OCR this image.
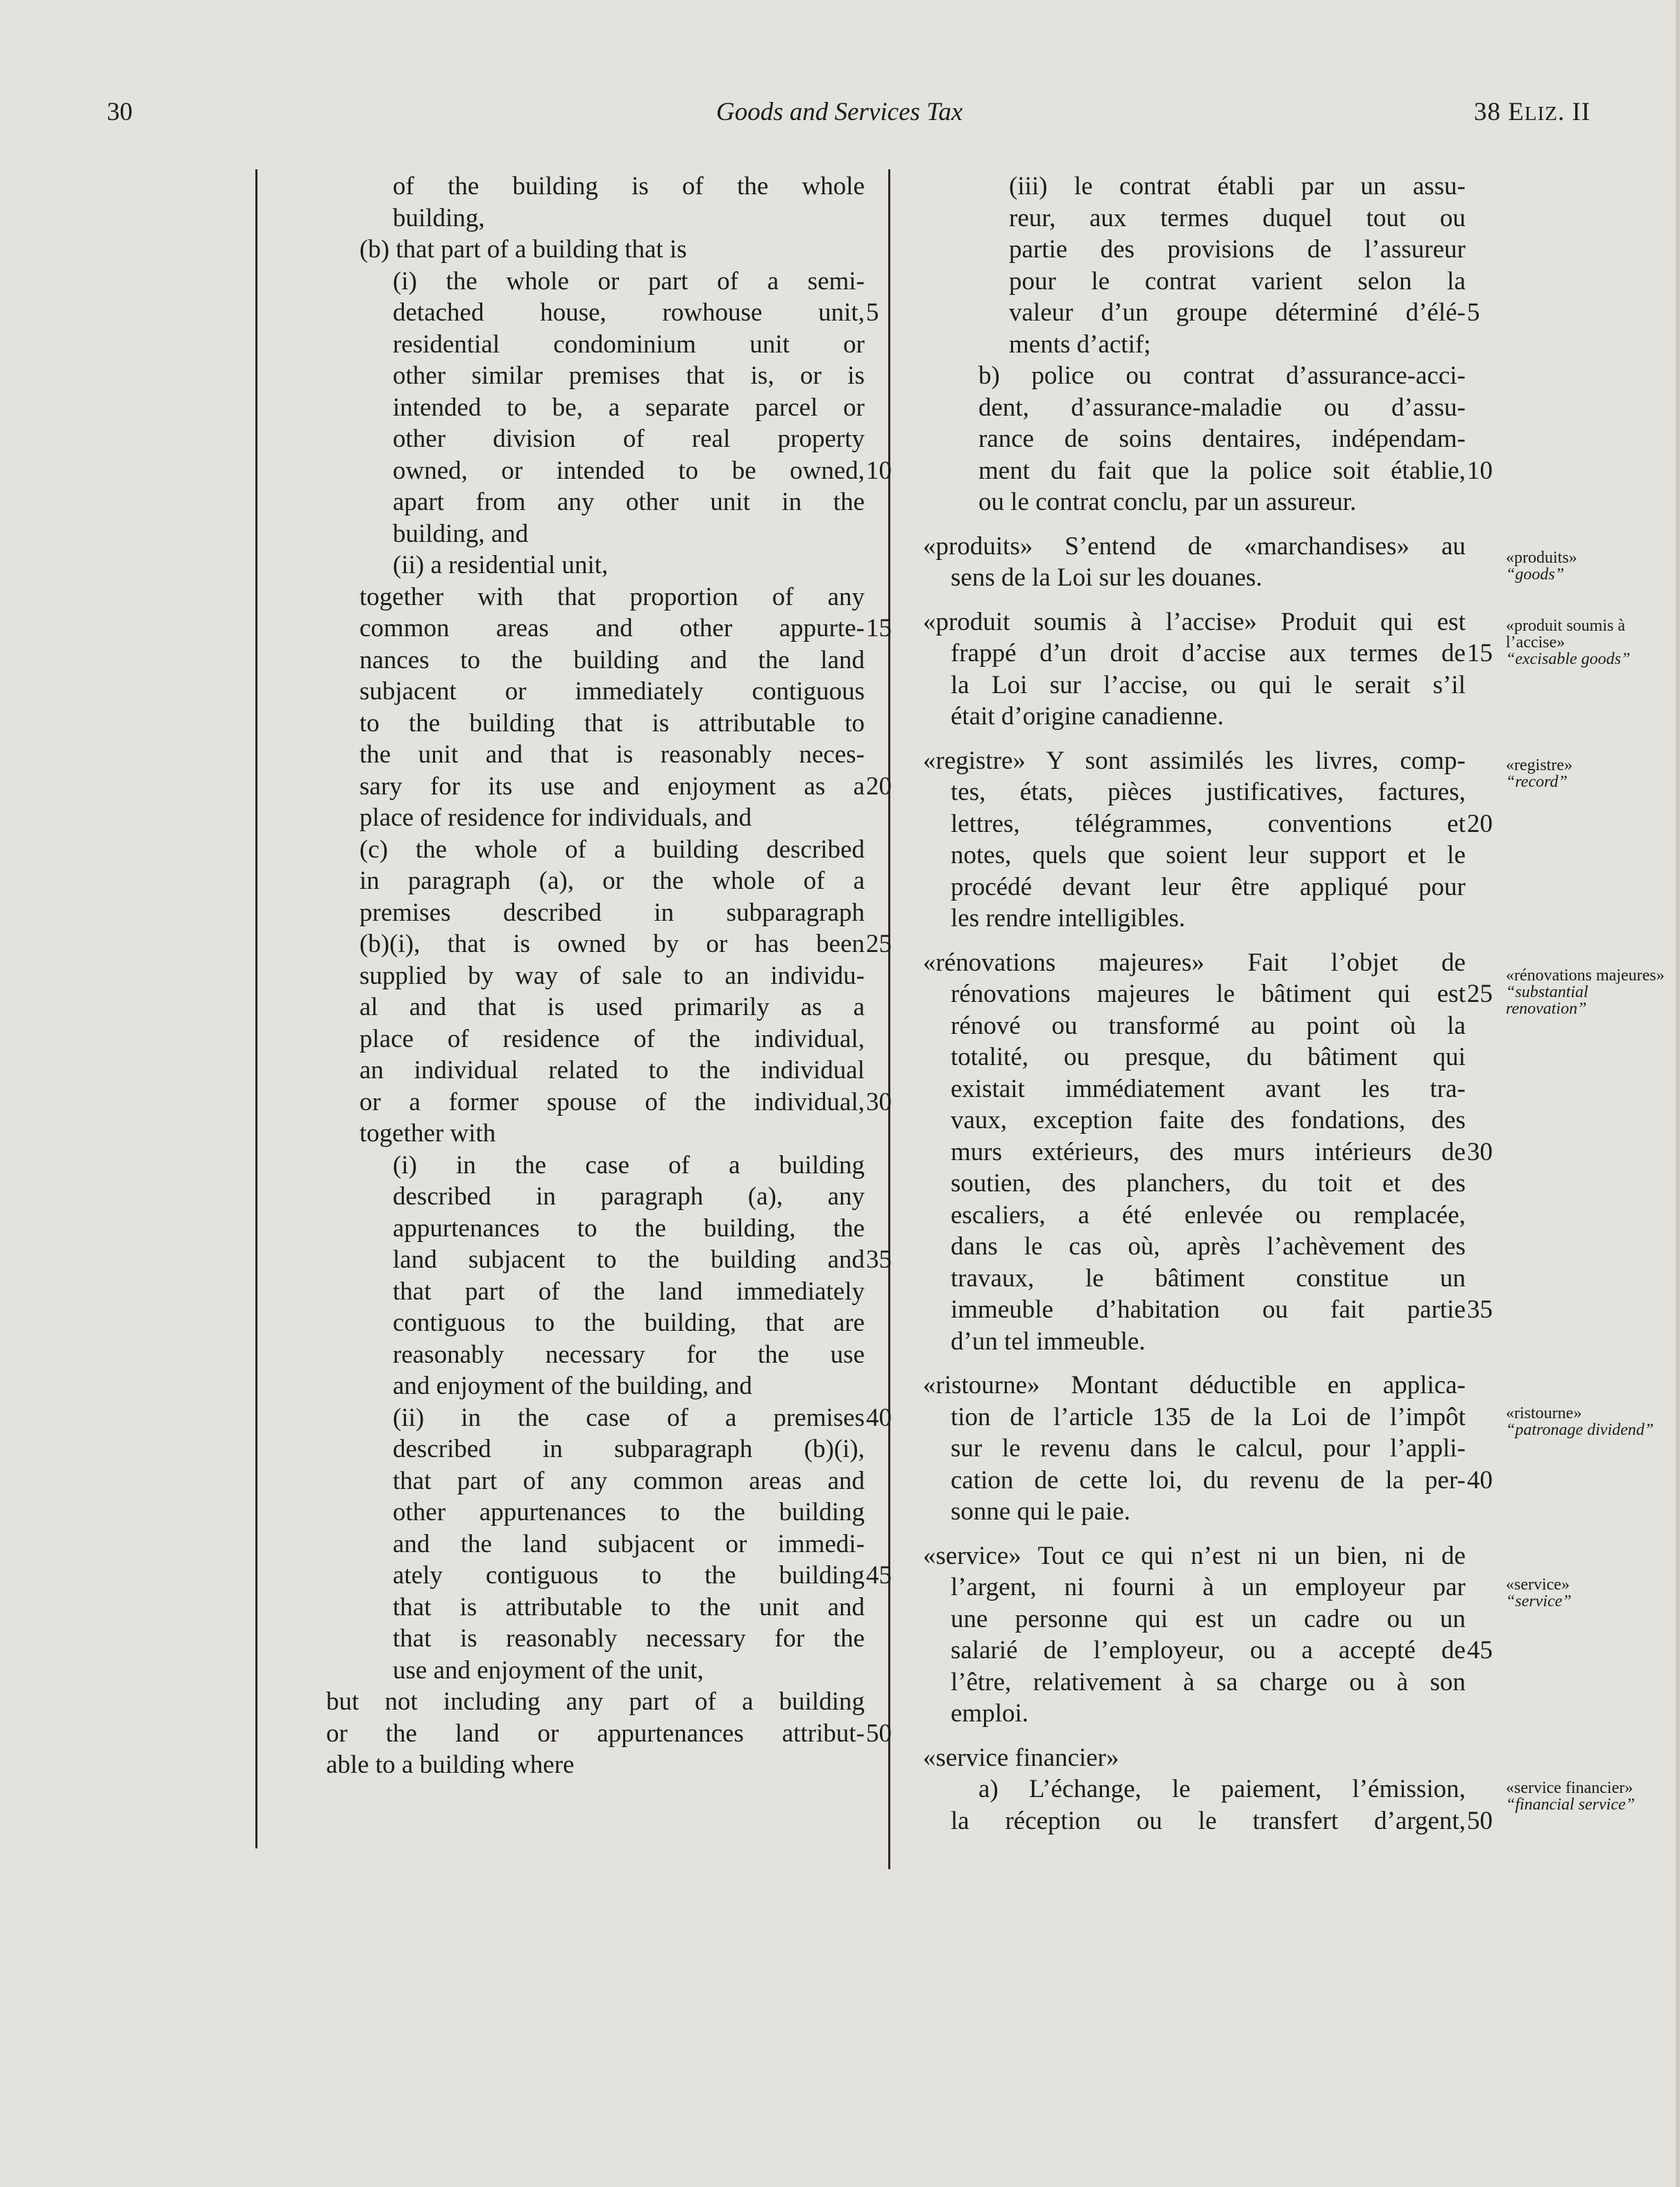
30	Goods and Services Tax	38 ELIZ. II
of the building is of the whole
building,
(b) that part of a building that is
(i) the whole or part of a semi-
detached house, rowhouse unit, 5
residential condominium unit or
other similar premises that is, or is
intended to be, a separate parcel or
other division of real property
owned, or intended to be owned, 10
apart from any other unit in the
building, and
(ii) a residential unit,
together with that proportion of any
common areas and other appurte- 15
nances to the building and the land
subjacent or immediately contiguous
to the building that is attributable to
the unit and that is reasonably neces-
sary for its use and enjoyment as a 20
place of residence for individuals, and
(c) the whole of a building described
in paragraph (a), or the whole of a
premises described in subparagraph
(b)(i), that is owned by or has been 25
supplied by way of sale to an individu-
al and that is used primarily as a
place of residence of the individual,
an individual related to the individual
or a former spouse of the individual, 30
together with
(i) in the case of a building
described in paragraph (a), any
appurtenances to the building, the
land subjacent to the building and 35
that part of the land immediately
contiguous to the building, that are
reasonably necessary for the use
and enjoyment of the building, and
(ii) in the case of a premises 40
described in subparagraph (b)(i),
that part of any common areas and
other appurtenances to the building
and the land subjacent or immedi-
ately contiguous to the building 45
that is attributable to the unit and
that is reasonably necessary for the
use and enjoyment of the unit,
but not including any part of a building
or the land or appurtenances attribut- 50
able to a building where
(iii) le contrat établi par un assu-
reur, aux termes duquel tout ou
partie des provisions de l’assureur
pour le contrat varient selon la
valeur d’un groupe déterminé d’élé- 5
ments d’actif;
b) police ou contrat d’assurance-acci-
dent, d’assurance-maladie ou d’assu-
rance de soins dentaires, indépendam-
ment du fait que la police soit établie, 10
ou le contrat conclu, par un assureur.
«produits» S’entend de «marchandises» au
sens de la Loi sur les douanes.
«produit soumis à l’accise» Produit qui est
frappé d’un droit d’accise aux termes de 15
la Loi sur l’accise, ou qui le serait s’il
était d’origine canadienne.
«registre» Y sont assimilés les livres, comp-
tes, états, pièces justificatives, factures,
lettres, télégrammes, conventions et 20
notes, quels que soient leur support et le
procédé devant leur être appliqué pour
les rendre intelligibles.
«rénovations majeures» Fait l’objet de
rénovations majeures le bâtiment qui est 25
rénové ou transformé au point où la
totalité, ou presque, du bâtiment qui
existait immédiatement avant les tra-
vaux, exception faite des fondations, des
murs extérieurs, des murs intérieurs de 30
soutien, des planchers, du toit et des
escaliers, a été enlevée ou remplacée,
dans le cas où, après l’achèvement des
travaux, le bâtiment constitue un
immeuble d’habitation ou fait partie 35
d’un tel immeuble.
«ristourne» Montant déductible en applica-
tion de l’article 135 de la Loi de l’impôt
sur le revenu dans le calcul, pour l’appli-
cation de cette loi, du revenu de la per- 40
sonne qui le paie.
«service» Tout ce qui n’est ni un bien, ni de
l’argent, ni fourni à un employeur par
une personne qui est un cadre ou un
salarié de l’employeur, ou a accepté de 45
l’être, relativement à sa charge ou à son
emploi.
«service financier»
a) L’échange, le paiement, l’émission,
la réception ou le transfert d’argent, 50
«produits»
“goods”
«produit soumis à l’accise»
“excisable goods”
«registre»
“record”
«rénovations majeures»
“substantial renovation”
«ristourne»
“patronage dividend”
«service»
“service”
«service financier»
“financial service”
